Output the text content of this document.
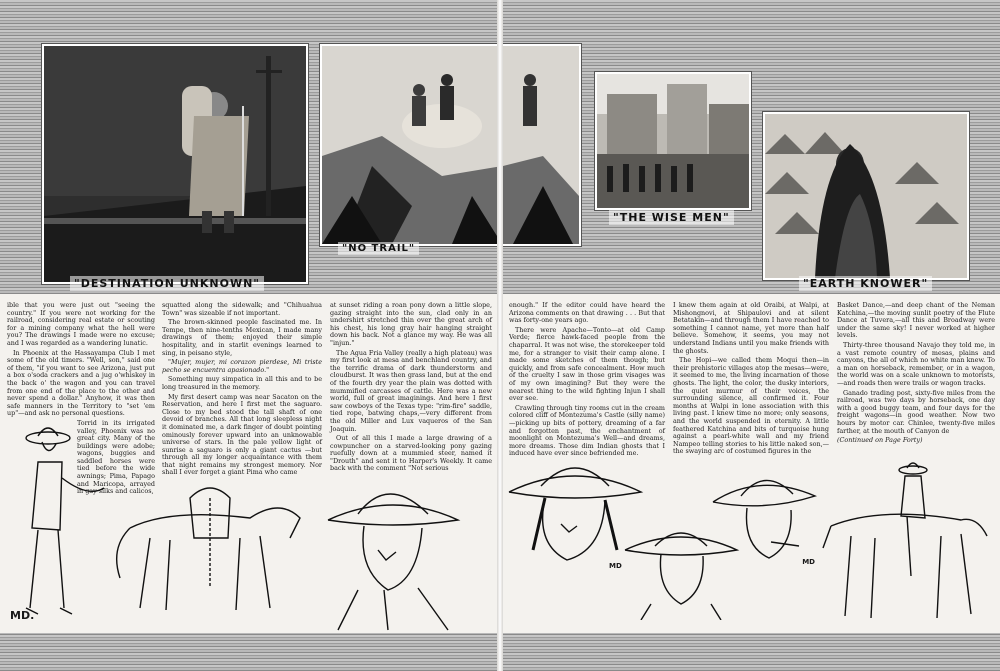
"DESTINATION UNKNOWN"
"NO TRAIL"

ible that you were just out "seeing the country." If you were not working for the railroad, considering real estate or scouting for a mining company what the hell were you? The drawings I made were no excuse; and I was regarded as a wandering lunatic.

In Phoenix at the Hassayampa Club I met some of the old timers. "Well, son," said one of them, "if you want to see Arizona, just put a box o'soda crackers and a jug o'whiskey in the back o' the wagon and you can travel from one end of the place to the other and never spend a dollar." Anyhow, it was then safe manners in the Territory to "set 'em up"—and ask no personal questions.

Torrid in its irrigated valley, Phoenix was no great city. Many of the buildings were adobe; wagons, buggies and saddled horses were tied before the wide awnings; Pima, Papago and Maricopa, arrayed in gay silks and calicos,

squatted along the sidewalk; and "Chihuahua Town" was sizeable if not important.

The brown-skinned people fascinated me. In Tempe, then nine-tenths Mexican, I made many drawings of them; enjoyed their simple hospitality, and in starlit evenings learned to sing, in peisano style,

"Mujer, mujer, mi corazon pierdese, Mi triste pecho se encuentra apasionado."

Something muy simpatica in all this and to be long treasured in the memory.

My first desert camp was near Sacaton on the Reservation, and here I first met the saguaro. Close to my bed stood the tall shaft of one devoid of branches. All that long sleepless night it dominated me, a dark finger of doubt pointing ominously forever upward into an unknowable universe of stars. In the pale yellow light of sunrise a saguaro is only a giant cactus —but through all my longer acquaintance with them that night remains my strongest memory. Nor shall I ever forget a giant Pima who came

at sunset riding a roan pony down a little slope, gazing straight into the sun, clad only in an undershirt stretched thin over the great arch of his chest, his long gray hair hanging straight down his back. Not a glance my way. He was all "injun."

The Agua Fria Valley (really a high plateau) was my first look at mesa and benchland country, and the terrific drama of dark thunderstorm and cloudburst. It was then grass land, but at the end of the fourth dry year the plain was dotted with mummified carcasses of cattle. Here was a new world, full of great imaginings. And here I first saw cowboys of the Texas type: "rim-fire" saddle, tied rope, batwing chaps,—very different from the old Miller and Lux vaqueros of the San Joaquin.

Out of all this I made a large drawing of a cowpuncher on a starved-looking pony gazing ruefully down at a mummied steer, named it "Drouth" and sent it to Harper's Weekly. It came back with the comment "Not serious

MD.
"THE WISE MEN"
"EARTH KNOWER"

enough." If the editor could have heard the Arizona comments on that drawing . . . But that was forty-one years ago.

There were Apache—Tonto—at old Camp Verde; fierce hawk-faced people from the chaparral. It was not wise, the storekeeper told me, for a stranger to visit their camp alone. I made some sketches of them though; but quickly, and from safe concealment. How much of the cruelty I saw in those grim visages was of my own imagining? But they were the nearest thing to the wild fighting Injun I shall ever see.

Crawling through tiny rooms cut in the cream colored cliff of Montezuma's Castle (silly name)—picking up bits of pottery, dreaming of a far and forgotten past, the enchantment of moonlight on Montezuma's Well—and dreams, more dreams. Those dim Indian ghosts that I induced have ever since befriended me.

I knew them again at old Oraibi, at Walpi, at Mishongnovi, at Shipaulovi and at silent Betatakin—and through them I have reached to something I cannot name, yet more than half believe. Somehow, it seems, you may not understand Indians until you make friends with the ghosts.

The Hopi—we called them Moqui then—in their prehistoric villages atop the mesas—were, it seemed to me, the living incarnation of those ghosts. The light, the color, the dusky interiors, the quiet murmur of their voices, the surrounding silence, all confirmed it. Four months at Walpi in lone association with this living past. I knew time no more; only seasons, and the world suspended in eternity. A little feathered Katchina and bits of turquoise hung against a pearl-white wall and my friend Nampeo telling stories to his little naked son,—the swaying arc of costumed figures in the

Basket Dance,—and deep chant of the Neman Katchina,—the moving sunlit poetry of the Flute Dance at Tuvera,—all this and Broadway were under the same sky! I never worked at higher levels.

Thirty-three thousand Navajo they told me, in a vast remote country of mesas, plains and canyons, the all of which no white man knew. To a man on horseback, remember, or in a wagon, the world was on a scale unknown to motorists,—and roads then were trails or wagon tracks.

Ganado trading post, sixty-five miles from the railroad, was two days by horseback, one day with a good buggy team, and four days for the freight wagons—in good weather. Now two hours by motor car. Chinlee, twenty-five miles farther, at the mouth of Canyon de

(Continued on Page Forty)

MD	MD
